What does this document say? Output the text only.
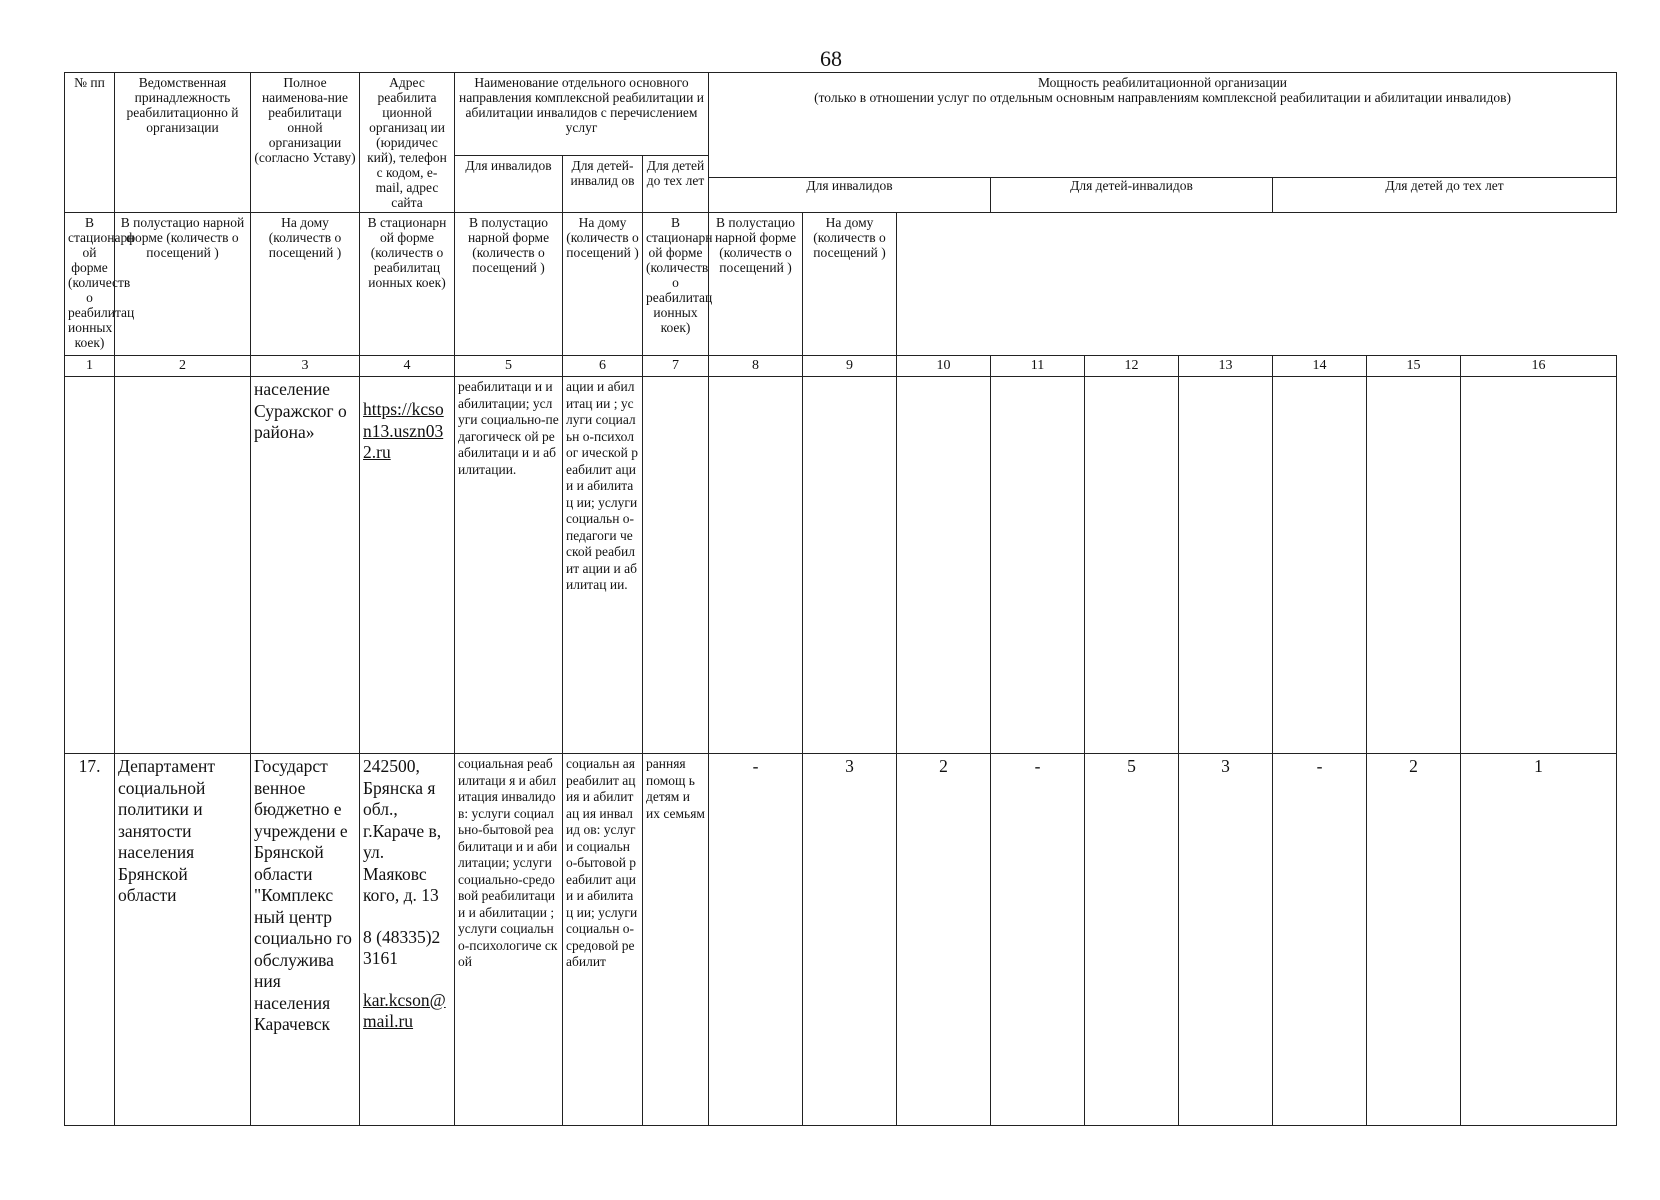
68
№ пп	Ведомственная принадлежность реабилитационно й организации	Полное наименова-ние реабилитаци онной организации (согласно Уставу)	Адрес реабилита ционной организац ии (юридичес кий), телефон с кодом, e-mail, адрес сайта	Наименование отдельного основного направления комплексной реабилитации и абилитации инвалидов с перечислением услуг			Мощность реабилитационной организации
(только в отношении услуг по отдельным основным направлениям комплексной реабилитации и абилитации инвалидов)								

				Для инвалидов	Для детей-инвалид ов	Для детей до тех лет									
							Для инвалидов			Для детей-инвалидов			Для детей до тех лет		
В стационарн ой форме (количеств о реабилитац ионных коек)	В полустацио нарной форме (количеств о посещений )	На дому (количеств о посещений )	В стационарн ой форме (количеств о реабилитац ионных коек)	В полустацио нарной форме (количеств о посещений )	На дому (количеств о посещений )	В стационарн ой форме (количеств о реабилитац ионных коек)	В полустацио нарной форме (количеств о посещений )	На дому (количеств о посещений )							
1	2	3	4	5	6	7	8	9	10	11	12	13	14	15	16
		население Суражског о района»	https://kcson13.uszn032.ru	реабилитаци и и абилитации; услуги социально-педагогическ ой реабилитаци и и абилитации.	ации и абилитац ии ; услуги социальн о-психолог ической реабилит ации и абилитац ии; услуги социальн о-педагоги ческой реабилит ации и абилитац ии.										
17.	Департамент социальной политики и занятости населения Брянской области	Государст венное бюджетно е учреждени е Брянской области "Комплекс ный центр социально го обслужива ния населения Карачевск	242500, Брянска я обл., г.Караче в, ул. Маяковс кого, д. 13
8 (48335)2 3161
kar.kcson@mail.ru	социальная реабилитаци я и абилитация инвалидов: услуги социально-бытовой реабилитаци и и абилитации; услуги социально-средовой реабилитаци и и абилитации ; услуги социально-психологиче ской	социальн ая реабилит ация и абилитац ия инвалид ов: услуги социальн о-бытовой реабилит ации и абилитац ии; услуги социальн о-средовой реабилит	ранняя помощ ь детям и их семьям	-	3	2	-	5	3	-	2	1
